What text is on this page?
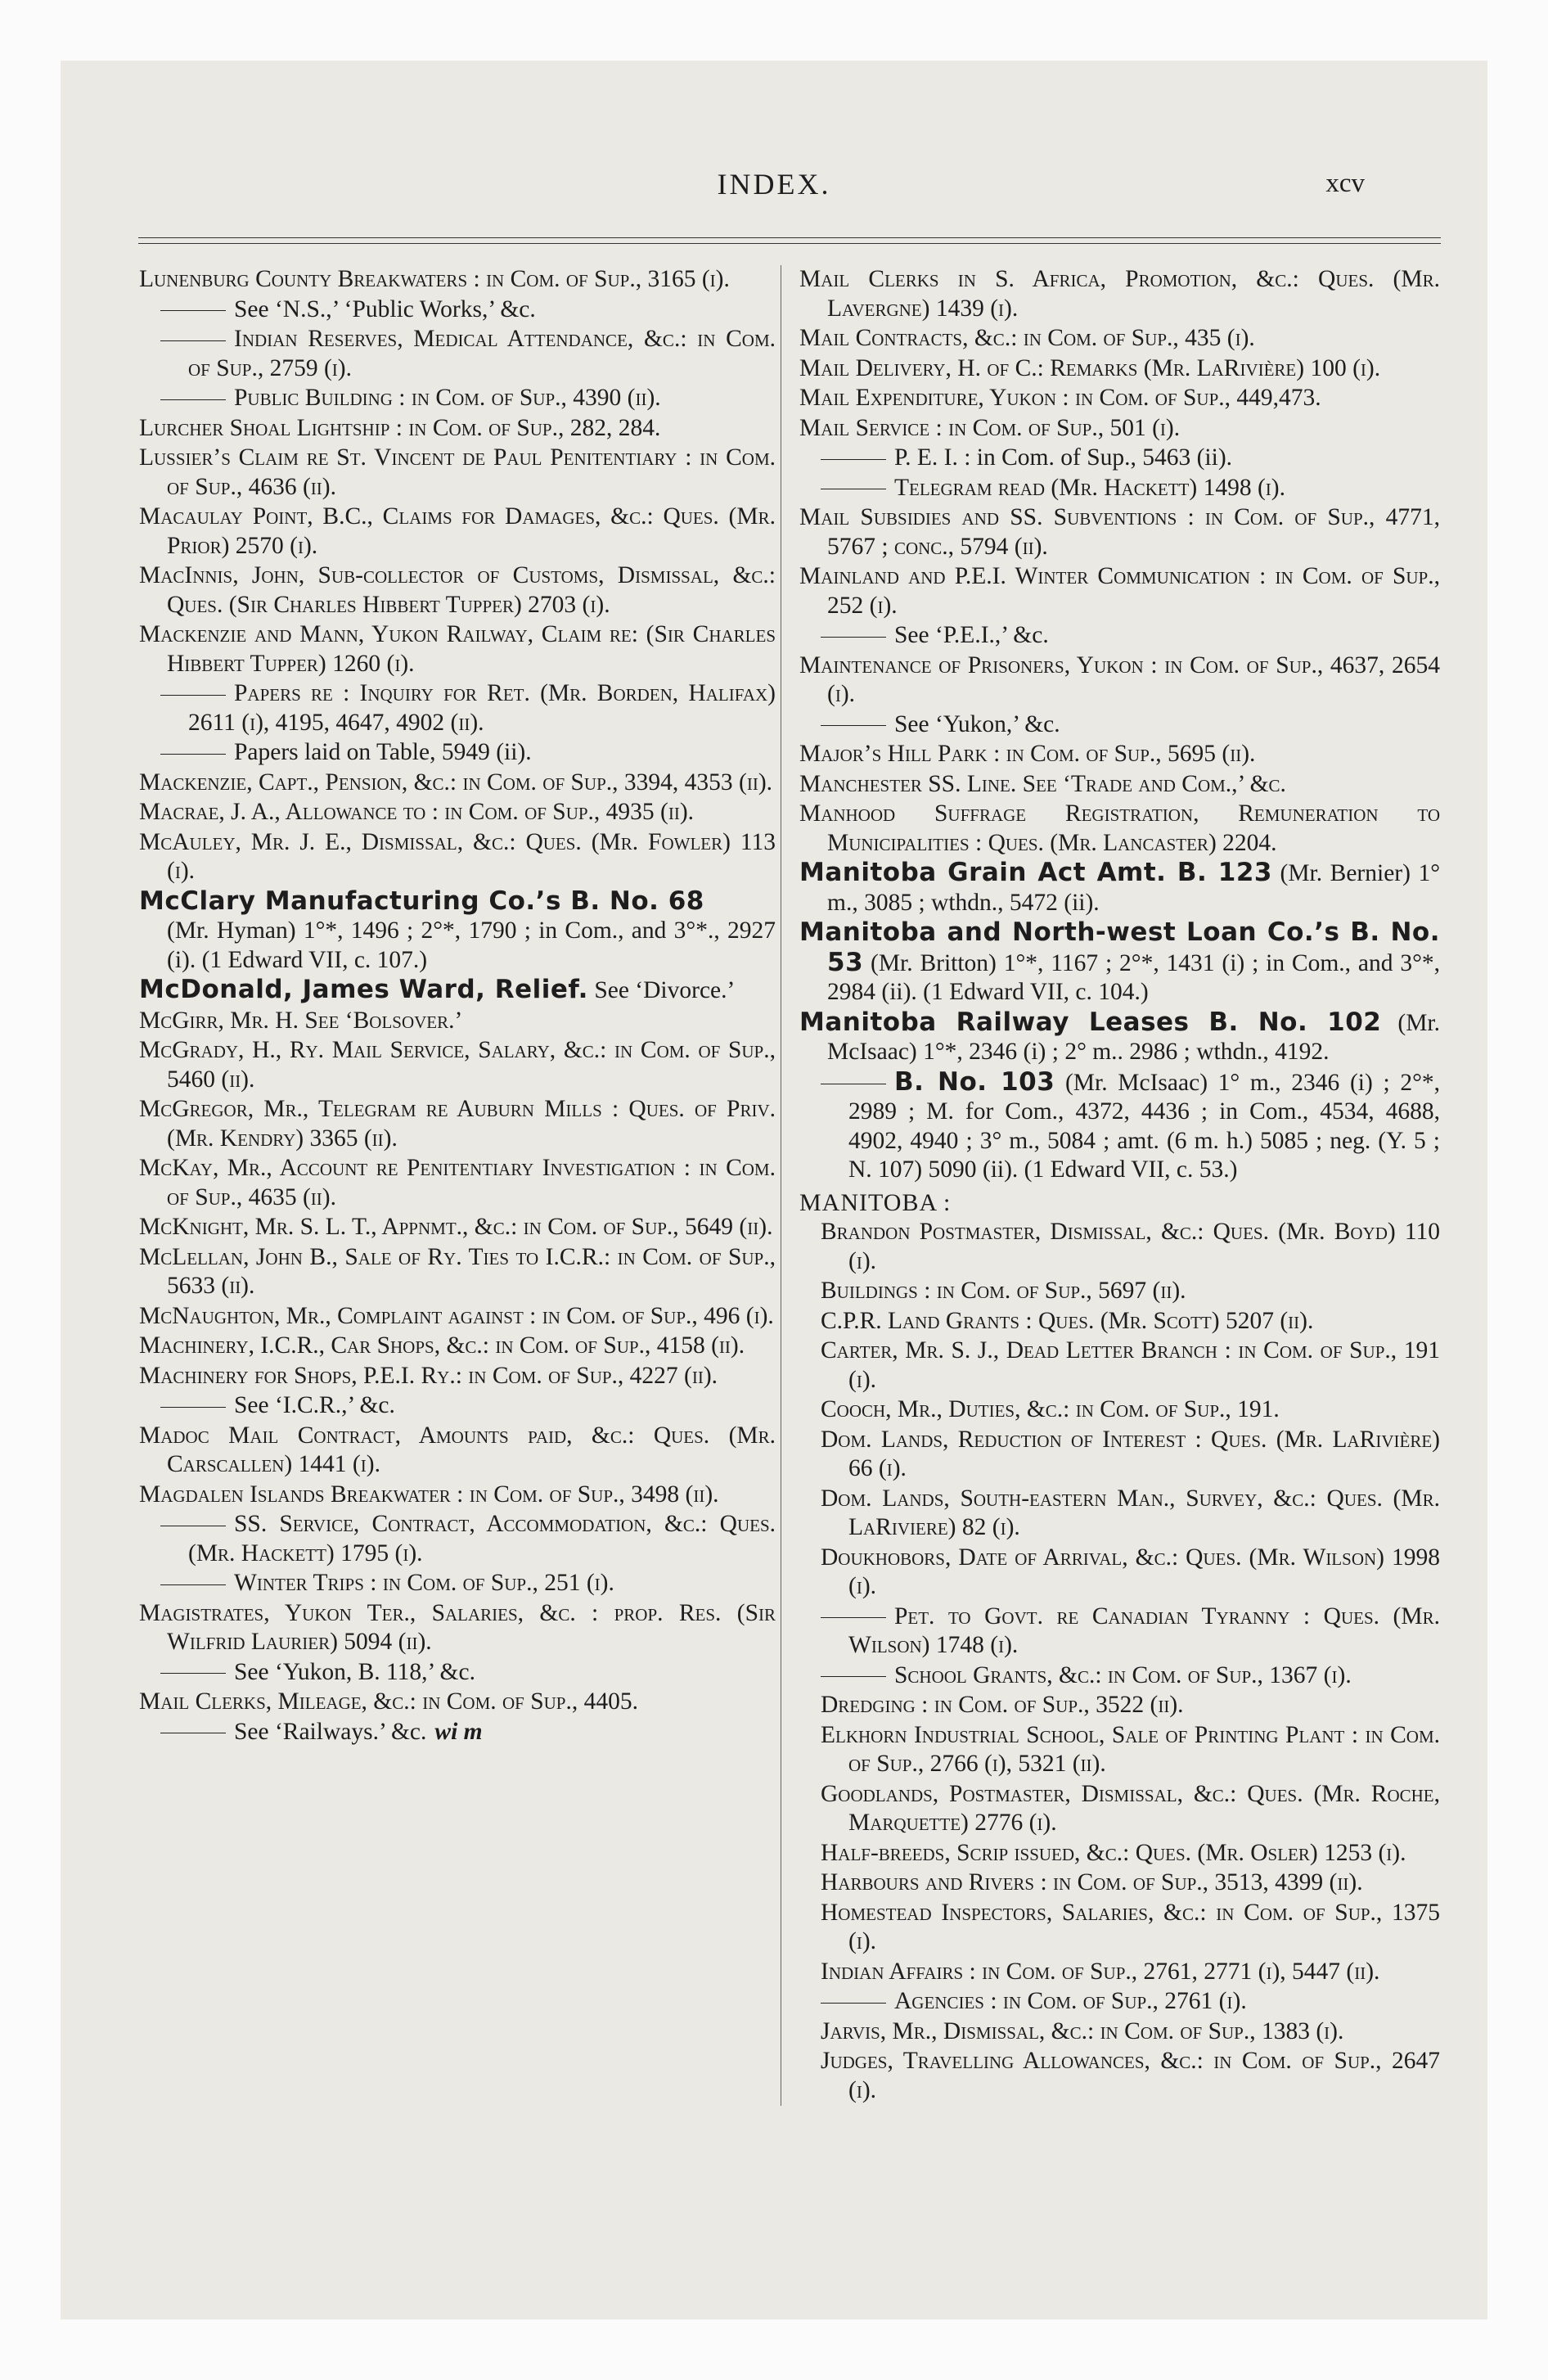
INDEX.	xcv

Lunenburg County Breakwaters : in Com. of Sup., 3165 (i).

See ‘N.S.,’ ‘Public Works,’ &c.

Indian Reserves, Medical Attendance, &c.: in Com. of Sup., 2759 (i).

Public Building : in Com. of Sup., 4390 (ii).

Lurcher Shoal Lightship : in Com. of Sup., 282, 284.

Lussier’s Claim re St. Vincent de Paul Penitentiary : in Com. of Sup., 4636 (ii).

Macaulay Point, B.C., Claims for Damages, &c.: Ques. (Mr. Prior) 2570 (i).

MacInnis, John, Sub-collector of Customs, Dismissal, &c.: Ques. (Sir Charles Hibbert Tupper) 2703 (i).

Mackenzie and Mann, Yukon Railway, Claim re: (Sir Charles Hibbert Tupper) 1260 (i).

Papers re : Inquiry for Ret. (Mr. Borden, Halifax) 2611 (i), 4195, 4647, 4902 (ii).

Papers laid on Table, 5949 (ii).

Mackenzie, Capt., Pension, &c.: in Com. of Sup., 3394, 4353 (ii).

Macrae, J. A., Allowance to : in Com. of Sup., 4935 (ii).

McAuley, Mr. J. E., Dismissal, &c.: Ques. (Mr. Fowler) 113 (i).

McClary Manufacturing Co.’s B. No. 68
(Mr. Hyman) 1°*, 1496 ; 2°*, 1790 ; in Com., and 3°*., 2927 (i). (1 Edward VII, c. 107.)

McDonald, James Ward, Relief. See ‘Divorce.’

McGirr, Mr. H. See ‘Bolsover.’

McGrady, H., Ry. Mail Service, Salary, &c.: in Com. of Sup., 5460 (ii).

McGregor, Mr., Telegram re Auburn Mills : Ques. of Priv. (Mr. Kendry) 3365 (ii).

McKay, Mr., Account re Penitentiary Investigation : in Com. of Sup., 4635 (ii).

McKnight, Mr. S. L. T., Appnmt., &c.: in Com. of Sup., 5649 (ii).

McLellan, John B., Sale of Ry. Ties to I.C.R.: in Com. of Sup., 5633 (ii).

McNaughton, Mr., Complaint against : in Com. of Sup., 496 (i).

Machinery, I.C.R., Car Shops, &c.: in Com. of Sup., 4158 (ii).

Machinery for Shops, P.E.I. Ry.: in Com. of Sup., 4227 (ii).

See ‘I.C.R.,’ &c.

Madoc Mail Contract, Amounts paid, &c.: Ques. (Mr. Carscallen) 1441 (i).

Magdalen Islands Breakwater : in Com. of Sup., 3498 (ii).

SS. Service, Contract, Accommodation, &c.: Ques. (Mr. Hackett) 1795 (i).

Winter Trips : in Com. of Sup., 251 (i).

Magistrates, Yukon Ter., Salaries, &c. : prop. Res. (Sir Wilfrid Laurier) 5094 (ii).

See ‘Yukon, B. 118,’ &c.

Mail Clerks, Mileage, &c.: in Com. of Sup., 4405.

See ‘Railways.’ &c. wi m

Mail Clerks in S. Africa, Promotion, &c.: Ques. (Mr. Lavergne) 1439 (i).

Mail Contracts, &c.: in Com. of Sup., 435 (i).

Mail Delivery, H. of C.: Remarks (Mr. LaRivière) 100 (i).

Mail Expenditure, Yukon : in Com. of Sup., 449,473.

Mail Service : in Com. of Sup., 501 (i).

P. E. I. : in Com. of Sup., 5463 (ii).

Telegram read (Mr. Hackett) 1498 (i).

Mail Subsidies and SS. Subventions : in Com. of Sup., 4771, 5767 ; conc., 5794 (ii).

Mainland and P.E.I. Winter Communication : in Com. of Sup., 252 (i).

See ‘P.E.I.,’ &c.

Maintenance of Prisoners, Yukon : in Com. of Sup., 4637, 2654 (i).

See ‘Yukon,’ &c.

Major’s Hill Park : in Com. of Sup., 5695 (ii).

Manchester SS. Line. See ‘Trade and Com.,’ &c.

Manhood Suffrage Registration, Remuneration to Municipalities : Ques. (Mr. Lancaster) 2204.

Manitoba Grain Act Amt. B. 123 (Mr. Bernier) 1° m., 3085 ; wthdn., 5472 (ii).

Manitoba and North-west Loan Co.’s B. No. 53 (Mr. Britton) 1°*, 1167 ; 2°*, 1431 (i) ; in Com., and 3°*, 2984 (ii). (1 Edward VII, c. 104.)

Manitoba Railway Leases B. No. 102 (Mr. McIsaac) 1°*, 2346 (i) ; 2° m.. 2986 ; wthdn., 4192.

B. No. 103 (Mr. McIsaac) 1° m., 2346 (i) ; 2°*, 2989 ; M. for Com., 4372, 4436 ; in Com., 4534, 4688, 4902, 4940 ; 3° m., 5084 ; amt. (6 m. h.) 5085 ; neg. (Y. 5 ; N. 107) 5090 (ii). (1 Edward VII, c. 53.)

MANITOBA :

Brandon Postmaster, Dismissal, &c.: Ques. (Mr. Boyd) 110 (i).

Buildings : in Com. of Sup., 5697 (ii).

C.P.R. Land Grants : Ques. (Mr. Scott) 5207 (ii).

Carter, Mr. S. J., Dead Letter Branch : in Com. of Sup., 191 (i).

Cooch, Mr., Duties, &c.: in Com. of Sup., 191.

Dom. Lands, Reduction of Interest : Ques. (Mr. LaRivière) 66 (i).

Dom. Lands, South-eastern Man., Survey, &c.: Ques. (Mr. LaRiviere) 82 (i).

Doukhobors, Date of Arrival, &c.: Ques. (Mr. Wilson) 1998 (i).

Pet. to Govt. re Canadian Tyranny : Ques. (Mr. Wilson) 1748 (i).

School Grants, &c.: in Com. of Sup., 1367 (i).

Dredging : in Com. of Sup., 3522 (ii).

Elkhorn Industrial School, Sale of Printing Plant : in Com. of Sup., 2766 (i), 5321 (ii).

Goodlands, Postmaster, Dismissal, &c.: Ques. (Mr. Roche, Marquette) 2776 (i).

Half-breeds, Scrip issued, &c.: Ques. (Mr. Osler) 1253 (i).

Harbours and Rivers : in Com. of Sup., 3513, 4399 (ii).

Homestead Inspectors, Salaries, &c.: in Com. of Sup., 1375 (i).

Indian Affairs : in Com. of Sup., 2761, 2771 (i), 5447 (ii).

Agencies : in Com. of Sup., 2761 (i).

Jarvis, Mr., Dismissal, &c.: in Com. of Sup., 1383 (i).

Judges, Travelling Allowances, &c.: in Com. of Sup., 2647 (i).
